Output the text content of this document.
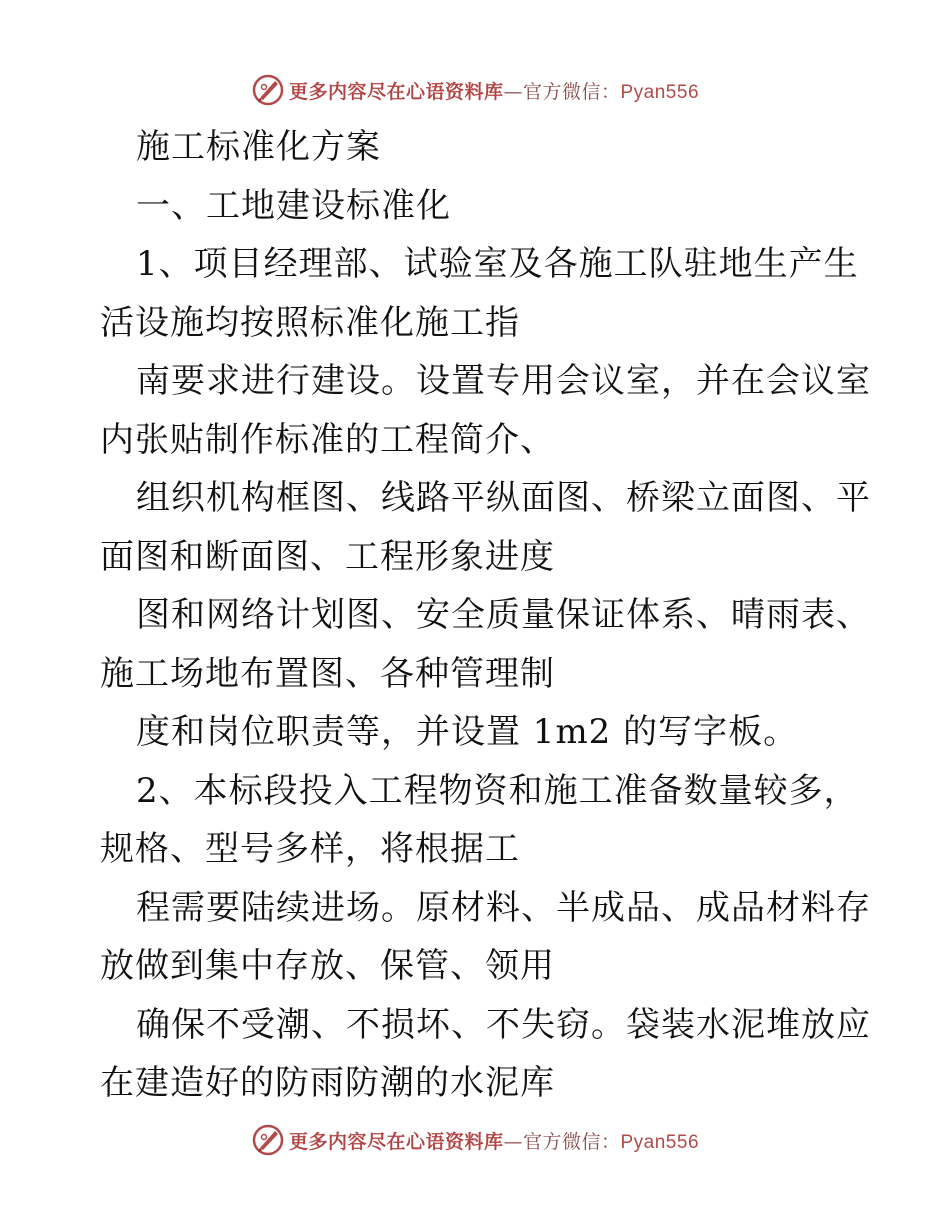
更多内容尽在心语资料库—官方微信：Pyan556
施工标准化方案
一、工地建设标准化
1、项目经理部、试验室及各施工队驻地生产生
活设施均按照标准化施工指
南要求进行建设。设置专用会议室，并在会议室
内张贴制作标准的工程简介、
组织机构框图、线路平纵面图、桥梁立面图、平
面图和断面图、工程形象进度
图和网络计划图、安全质量保证体系、晴雨表、
施工场地布置图、各种管理制
度和岗位职责等，并设置 1m2 的写字板。
2、本标段投入工程物资和施工准备数量较多，
规格、型号多样，将根据工
程需要陆续进场。原材料、半成品、成品材料存
放做到集中存放、保管、领用
确保不受潮、不损坏、不失窃。袋装水泥堆放应
在建造好的防雨防潮的水泥库
更多内容尽在心语资料库—官方微信：Pyan556
